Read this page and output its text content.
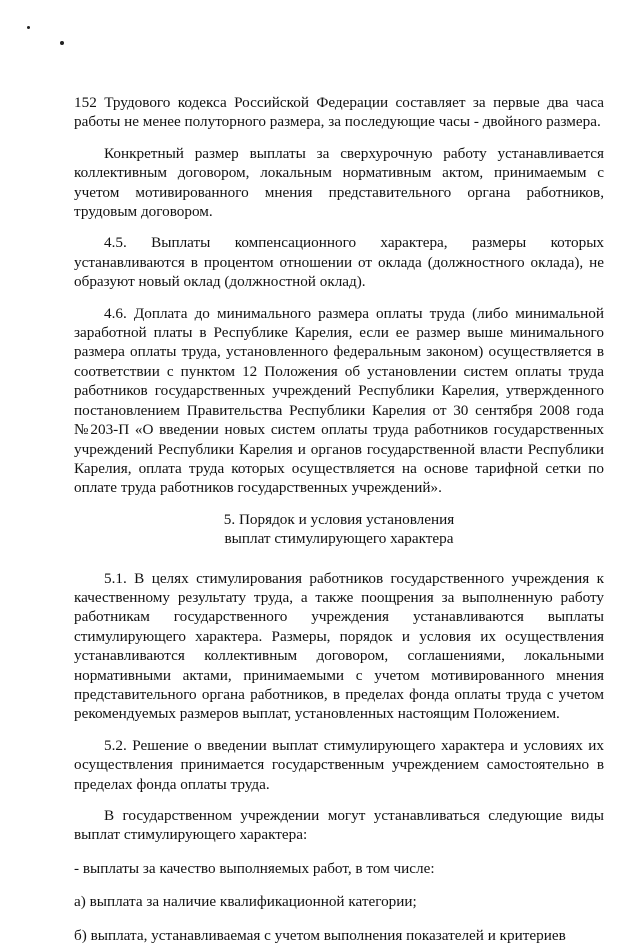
152 Трудового кодекса Российской Федерации составляет за первые два часа работы не менее полуторного размера, за последующие часы - двойного размера.

Конкретный размер выплаты за сверхурочную работу устанавливается коллективным договором, локальным нормативным актом, принимаемым с учетом мотивированного мнения представительного органа работников, трудовым договором.

4.5. Выплаты компенсационного характера, размеры которых устанавливаются в процентом отношении от оклада (должностного оклада), не образуют новый оклад (должностной оклад).

4.6. Доплата до минимального размера оплаты труда (либо минимальной заработной платы в Республике Карелия, если ее размер выше минимального размера оплаты труда, установленного федеральным законом) осуществляется в соответствии с пунктом 12 Положения об установлении систем оплаты труда работников государственных учреждений Республики Карелия, утвержденного постановлением Правительства Республики Карелия от 30 сентября 2008 года №203-П «О введении новых систем оплаты труда работников государственных учреждений Республики Карелия и органов государственной власти Республики Карелия, оплата труда которых осуществляется на основе тарифной сетки по оплате труда работников государственных учреждений».

5. Порядок и условия установления
выплат стимулирующего характера

5.1. В целях стимулирования работников государственного учреждения к качественному результату труда, а также поощрения за выполненную работу работникам государственного учреждения устанавливаются выплаты стимулирующего характера. Размеры, порядок и условия их осуществления устанавливаются коллективным договором, соглашениями, локальными нормативными актами, принимаемыми с учетом мотивированного мнения представительного органа работников, в пределах фонда оплаты труда с учетом рекомендуемых размеров выплат, установленных настоящим Положением.

5.2. Решение о введении выплат стимулирующего характера и условиях их осуществления принимается государственным учреждением самостоятельно в пределах фонда оплаты труда.

В государственном учреждении могут устанавливаться следующие виды выплат стимулирующего характера:

- выплаты за качество выполняемых работ, в том числе:

а) выплата за наличие квалификационной категории;

б) выплата, устанавливаемая с учетом выполнения показателей и критериев
